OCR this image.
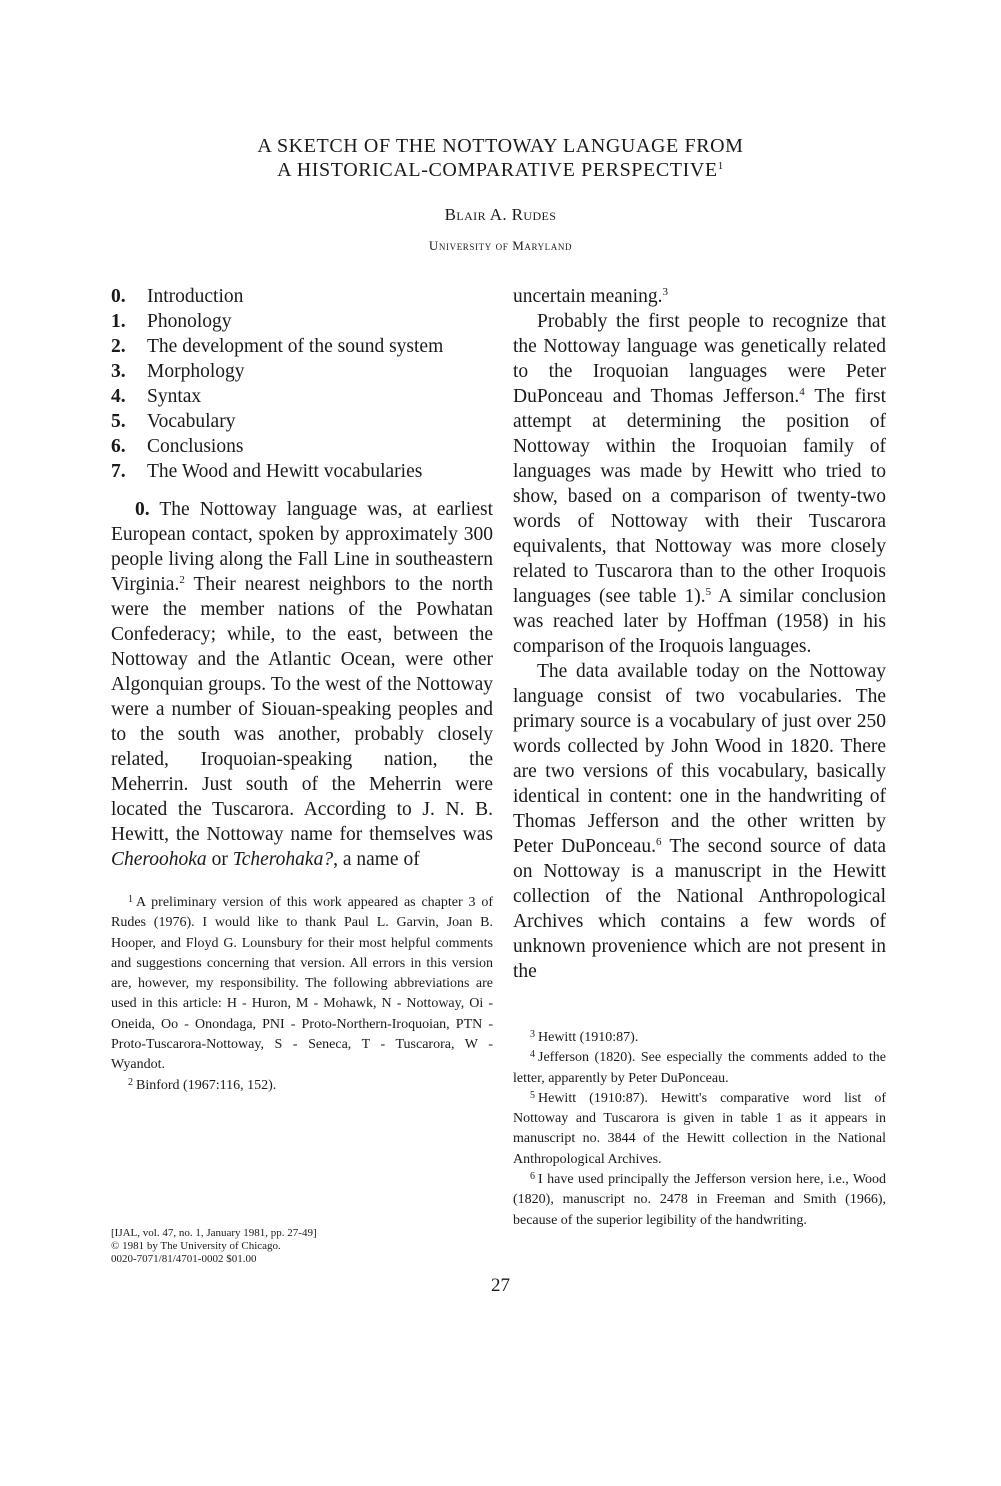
A SKETCH OF THE NOTTOWAY LANGUAGE FROM
A HISTORICAL-COMPARATIVE PERSPECTIVE$^1$
Blair A. Rudes
University of Maryland
0. Introduction
1. Phonology
2. The development of the sound system
3. Morphology
4. Syntax
5. Vocabulary
6. Conclusions
7. The Wood and Hewitt vocabularies

0. The Nottoway language was, at earliest European contact, spoken by approximately 300 people living along the Fall Line in southeastern Virginia.$^2$ Their nearest neighbors to the north were the member nations of the Powhatan Confederacy; while, to the east, between the Nottoway and the Atlantic Ocean, were other Algonquian groups. To the west of the Nottoway were a number of Siouan-speaking peoples and to the south was another, probably closely related, Iroquoian-speaking nation, the Meherrin. Just south of the Meherrin were located the Tuscarora. According to J. N. B. Hewitt, the Nottoway name for themselves was Cheroohoka or Tcherohaka?, a name of

$^1$ A preliminary version of this work appeared as chapter 3 of Rudes (1976). I would like to thank Paul L. Garvin, Joan B. Hooper, and Floyd G. Lounsbury for their most helpful comments and suggestions concerning that version. All errors in this version are, however, my responsibility. The following abbreviations are used in this article: H - Huron, M - Mohawk, N - Nottoway, Oi - Oneida, Oo - Onondaga, PNI - Proto-Northern-Iroquoian, PTN - Proto-Tuscarora-Nottoway, S - Seneca, T - Tuscarora, W - Wyandot.

$^2$ Binford (1967:116, 152).

uncertain meaning.$^3$

Probably the first people to recognize that the Nottoway language was genetically related to the Iroquoian languages were Peter DuPonceau and Thomas Jefferson.$^4$ The first attempt at determining the position of Nottoway within the Iroquoian family of languages was made by Hewitt who tried to show, based on a comparison of twenty-two words of Nottoway with their Tuscarora equivalents, that Nottoway was more closely related to Tuscarora than to the other Iroquois languages (see table 1).$^5$ A similar conclusion was reached later by Hoffman (1958) in his comparison of the Iroquois languages.

The data available today on the Nottoway language consist of two vocabularies. The primary source is a vocabulary of just over 250 words collected by John Wood in 1820. There are two versions of this vocabulary, basically identical in content: one in the handwriting of Thomas Jefferson and the other written by Peter DuPonceau.$^6$ The second source of data on Nottoway is a manuscript in the Hewitt collection of the National Anthropological Archives which contains a few words of unknown provenience which are not present in the

$^3$ Hewitt (1910:87).

$^4$ Jefferson (1820). See especially the comments added to the letter, apparently by Peter DuPonceau.

$^5$ Hewitt (1910:87). Hewitt's comparative word list of Nottoway and Tuscarora is given in table 1 as it appears in manuscript no. 3844 of the Hewitt collection in the National Anthropological Archives.

$^6$ I have used principally the Jefferson version here, i.e., Wood (1820), manuscript no. 2478 in Freeman and Smith (1966), because of the superior legibility of the handwriting.

[IJAL, vol. 47, no. 1, January 1981, pp. 27-49]
© 1981 by The University of Chicago.
0020-7071/81/4701-0002 $01.00
27
